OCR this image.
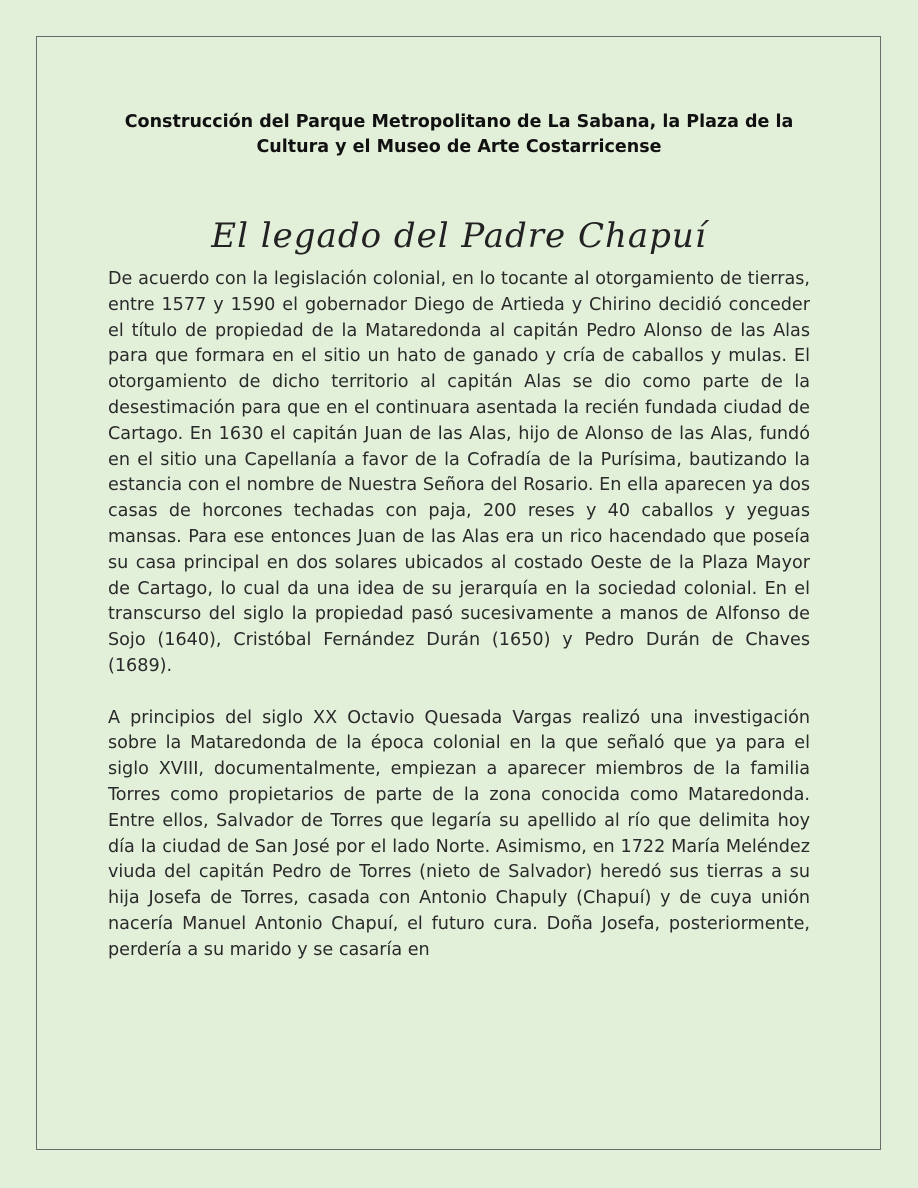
Construcción del Parque Metropolitano de La Sabana, la Plaza de la Cultura y el Museo de Arte Costarricense
El legado del Padre Chapuí

De acuerdo con la legislación colonial, en lo tocante al otorgamiento de tierras, entre 1577 y 1590 el gobernador Diego de Artieda y Chirino decidió conceder el título de propiedad de la Mataredonda al capitán Pedro Alonso de las Alas para que formara en el sitio un hato de ganado y cría de caballos y mulas. El otorgamiento de dicho territorio al capitán Alas se dio como parte de la desestimación para que en el continuara asentada la recién fundada ciudad de Cartago. En 1630 el capitán Juan de las Alas, hijo de Alonso de las Alas, fundó en el sitio una Capellanía a favor de la Cofradía de la Purísima, bautizando la estancia con el nombre de Nuestra Señora del Rosario. En ella aparecen ya dos casas de horcones techadas con paja, 200 reses y 40 caballos y yeguas mansas. Para ese entonces Juan de las Alas era un rico hacendado que poseía su casa principal en dos solares ubicados al costado Oeste de la Plaza Mayor de Cartago, lo cual da una idea de su jerarquía en la sociedad colonial. En el transcurso del siglo la propiedad pasó sucesivamente a manos de Alfonso de Sojo (1640), Cristóbal Fernández Durán (1650) y Pedro Durán de Chaves (1689).

A principios del siglo XX Octavio Quesada Vargas realizó una investigación sobre la Mataredonda de la época colonial en la que señaló que ya para el siglo XVIII, documentalmente, empiezan a aparecer miembros de la familia Torres como propietarios de parte de la zona conocida como Mataredonda. Entre ellos, Salvador de Torres que legaría su apellido al río que delimita hoy día la ciudad de San José por el lado Norte. Asimismo, en 1722 María Meléndez viuda del capitán Pedro de Torres (nieto de Salvador) heredó sus tierras a su hija Josefa de Torres, casada con Antonio Chapuly (Chapuí) y de cuya unión nacería Manuel Antonio Chapuí, el futuro cura. Doña Josefa, posteriormente, perdería a su marido y se casaría en
